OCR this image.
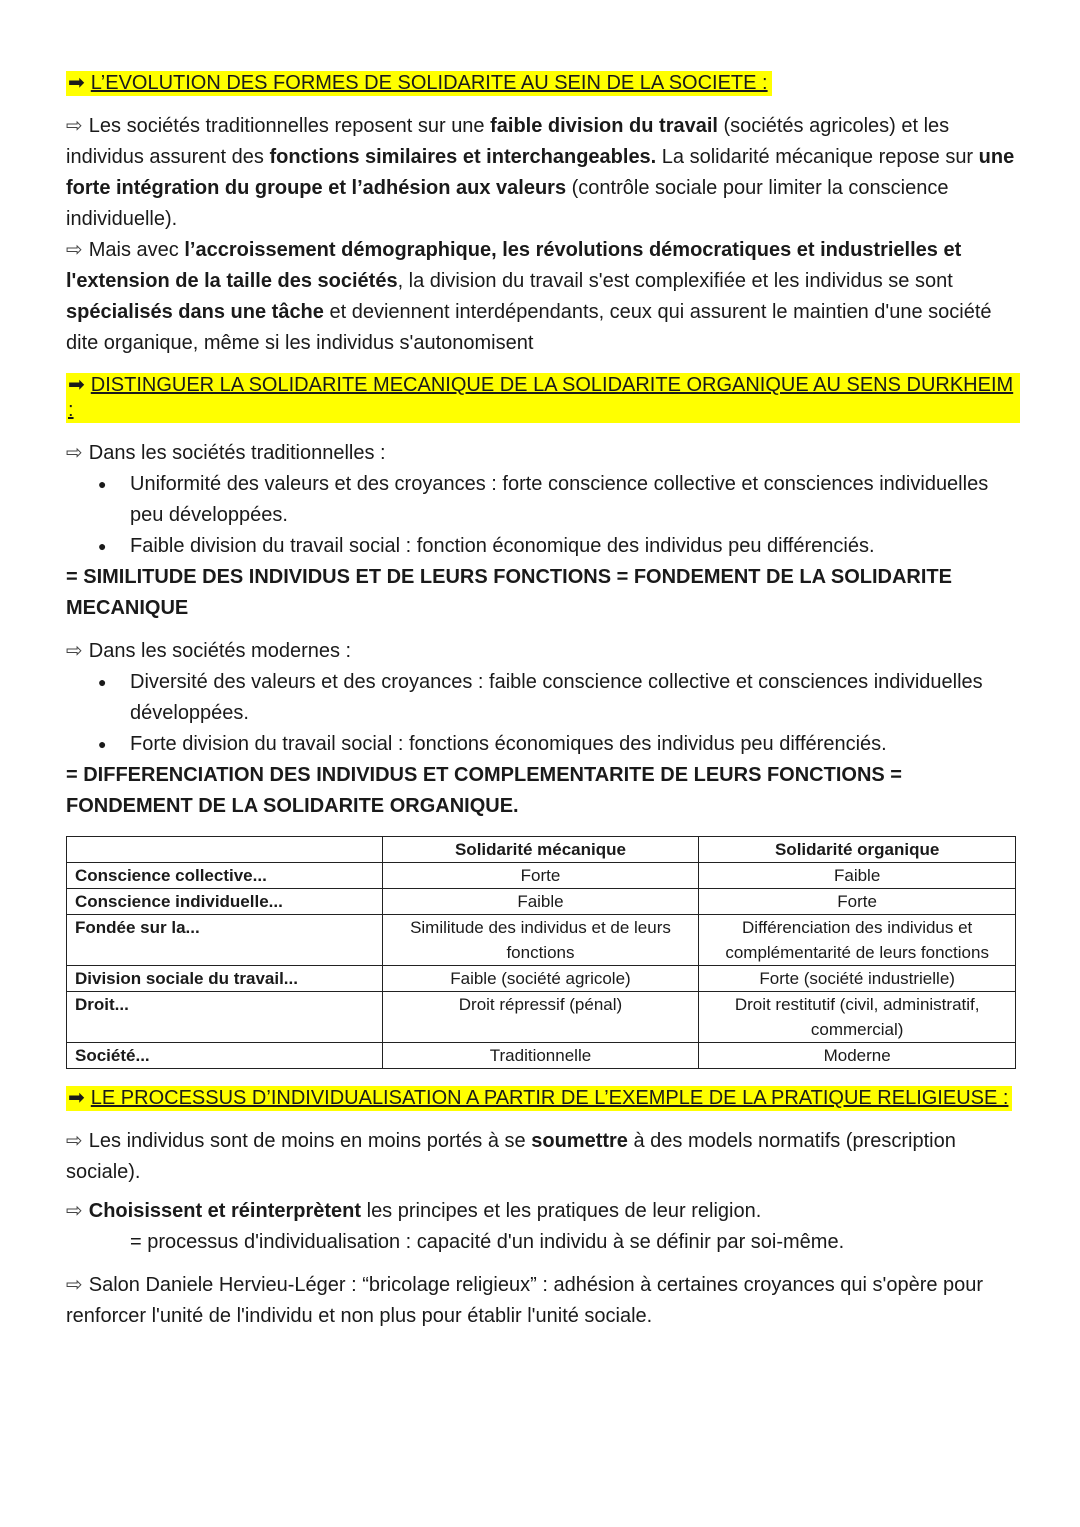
➡ L’EVOLUTION DES FORMES DE SOLIDARITE AU SEIN DE LA SOCIETE :

⇨ Les sociétés traditionnelles reposent sur une faible division du travail (sociétés agricoles) et les individus assurent des fonctions similaires et interchangeables. La solidarité mécanique repose sur une forte intégration du groupe et l’adhésion aux valeurs (contrôle sociale pour limiter la conscience individuelle).

⇨ Mais avec l’accroissement démographique, les révolutions démocratiques et industrielles et l'extension de la taille des sociétés, la division du travail s'est complexifiée et les individus se sont spécialisés dans une tâche et deviennent interdépendants, ceux qui assurent le maintien d'une société dite organique, même si les individus s'autonomisent

➡ DISTINGUER LA SOLIDARITE MECANIQUE DE LA SOLIDARITE ORGANIQUE AU SENS DURKHEIM :

⇨ Dans les sociétés traditionnelles :

● Uniformité des valeurs et des croyances : forte conscience collective et consciences individuelles peu développées.
● Faible division du travail social : fonction économique des individus peu différenciés.

= SIMILITUDE DES INDIVIDUS ET DE LEURS FONCTIONS = FONDEMENT DE LA SOLIDARITE MECANIQUE

⇨ Dans les sociétés modernes :

● Diversité des valeurs et des croyances : faible conscience collective et consciences individuelles développées.
● Forte division du travail social : fonctions économiques des individus peu différenciés.

= DIFFERENCIATION DES INDIVIDUS ET COMPLEMENTARITE DE LEURS FONCTIONS = FONDEMENT DE LA SOLIDARITE ORGANIQUE.

	Solidarité mécanique	Solidarité organique
Conscience collective...	Forte	Faible
Conscience individuelle...	Faible	Forte
Fondée sur la...	Similitude des individus et de leurs fonctions	Différenciation des individus et complémentarité de leurs fonctions
Division sociale du travail...	Faible (société agricole)	Forte (société industrielle)
Droit...	Droit répressif (pénal)	Droit restitutif (civil, administratif, commercial)
Société...	Traditionnelle	Moderne
➡ LE PROCESSUS D’INDIVIDUALISATION A PARTIR DE L’EXEMPLE DE LA PRATIQUE RELIGIEUSE :

⇨ Les individus sont de moins en moins portés à se soumettre à des models normatifs (prescription sociale).

⇨ Choisissent et réinterprètent les principes et les pratiques de leur religion.

= processus d'individualisation : capacité d'un individu à se définir par soi-même.

⇨ Salon Daniele Hervieu-Léger : “bricolage religieux” : adhésion à certaines croyances qui s'opère pour renforcer l'unité de l'individu et non plus pour établir l'unité sociale.
